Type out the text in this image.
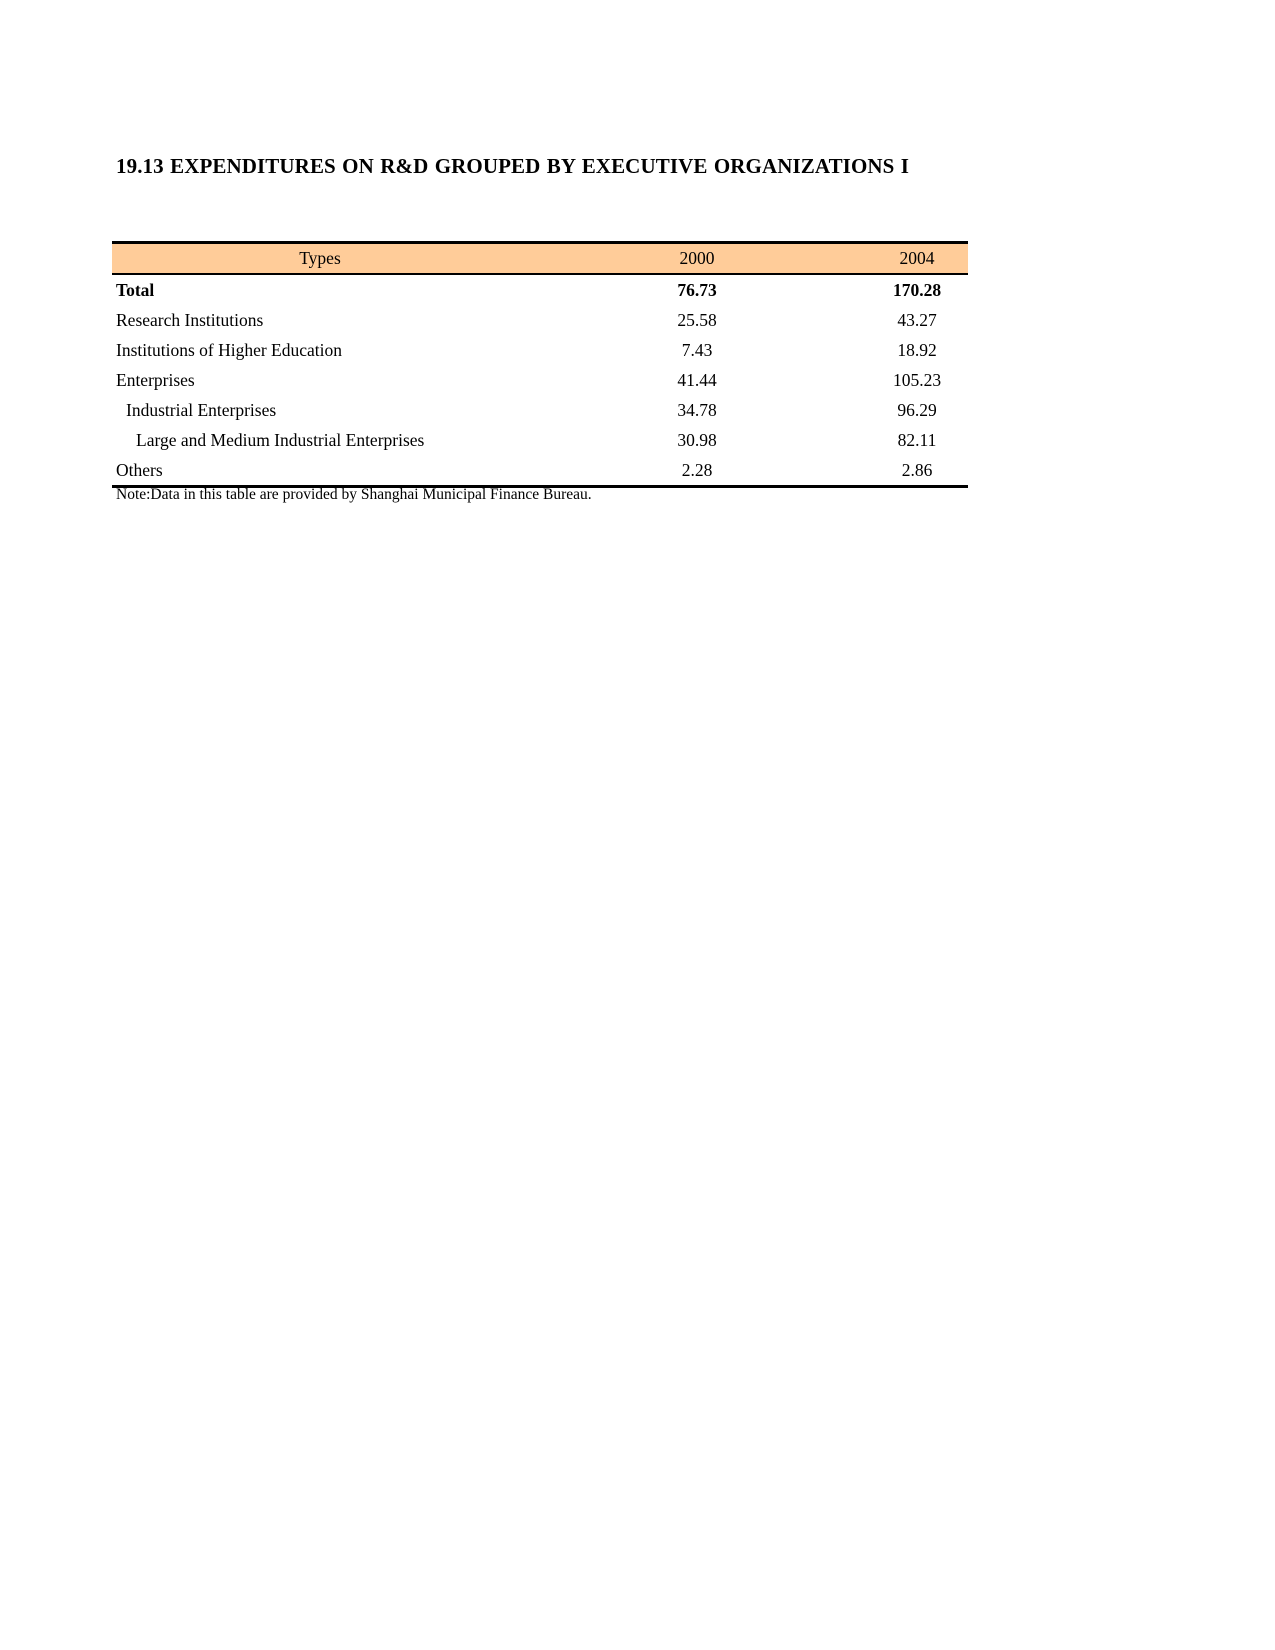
19.13 EXPENDITURES ON R&D GROUPED BY EXECUTIVE ORGANIZATIONS I
Types	2000	2004
Total	76.73	170.28
Research Institutions	25.58	43.27
Institutions of Higher Education	7.43	18.92
Enterprises	41.44	105.23
Industrial Enterprises	34.78	96.29
Large and Medium Industrial Enterprises	30.98	82.11
Others	2.28	2.86
Note:Data in this table are provided by Shanghai Municipal Finance Bureau.
